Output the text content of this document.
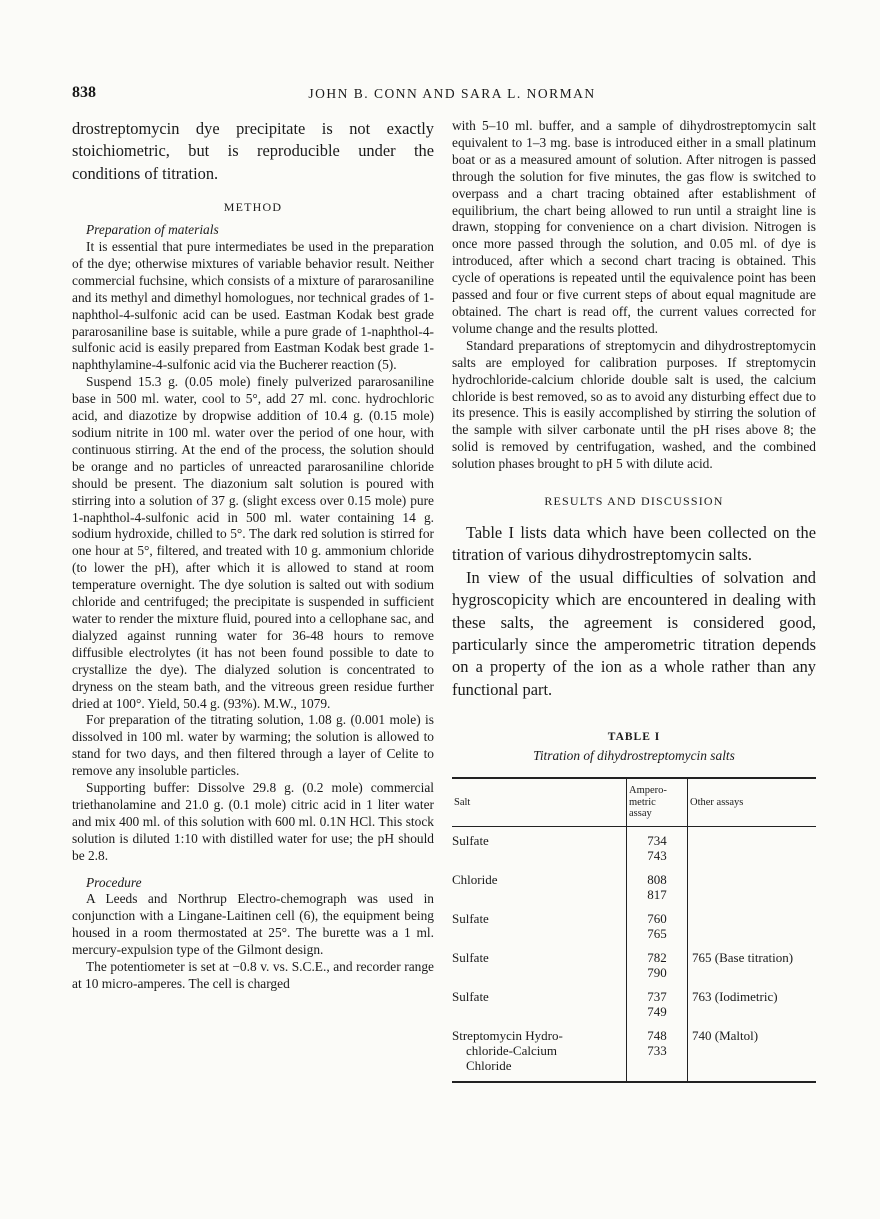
838	JOHN B. CONN AND SARA L. NORMAN

drostreptomycin dye precipitate is not exactly stoichiometric, but is reproducible under the conditions of titration.

METHOD

Preparation of materials

It is essential that pure intermediates be used in the preparation of the dye; otherwise mixtures of variable behavior result. Neither commercial fuchsine, which consists of a mixture of pararosaniline and its methyl and dimethyl homologues, nor technical grades of 1-naphthol-4-sulfonic acid can be used. Eastman Kodak best grade pararosaniline base is suitable, while a pure grade of 1-naphthol-4-sulfonic acid is easily prepared from Eastman Kodak best grade 1-naphthylamine-4-sulfonic acid via the Bucherer reaction (5).

Suspend 15.3 g. (0.05 mole) finely pulverized pararosaniline base in 500 ml. water, cool to 5°, add 27 ml. conc. hydrochloric acid, and diazotize by dropwise addition of 10.4 g. (0.15 mole) sodium nitrite in 100 ml. water over the period of one hour, with continuous stirring. At the end of the process, the solution should be orange and no particles of unreacted pararosaniline chloride should be present. The diazonium salt solution is poured with stirring into a solution of 37 g. (slight excess over 0.15 mole) pure 1-naphthol-4-sulfonic acid in 500 ml. water containing 14 g. sodium hydroxide, chilled to 5°. The dark red solution is stirred for one hour at 5°, filtered, and treated with 10 g. ammonium chloride (to lower the pH), after which it is allowed to stand at room temperature overnight. The dye solution is salted out with sodium chloride and centrifuged; the precipitate is suspended in sufficient water to render the mixture fluid, poured into a cellophane sac, and dialyzed against running water for 36-48 hours to remove diffusible electrolytes (it has not been found possible to date to crystallize the dye). The dialyzed solution is concentrated to dryness on the steam bath, and the vitreous green residue further dried at 100°. Yield, 50.4 g. (93%). M.W., 1079.

For preparation of the titrating solution, 1.08 g. (0.001 mole) is dissolved in 100 ml. water by warming; the solution is allowed to stand for two days, and then filtered through a layer of Celite to remove any insoluble particles.

Supporting buffer: Dissolve 29.8 g. (0.2 mole) commercial triethanolamine and 21.0 g. (0.1 mole) citric acid in 1 liter water and mix 400 ml. of this solution with 600 ml. 0.1N HCl. This stock solution is diluted 1:10 with distilled water for use; the pH should be 2.8.

Procedure

A Leeds and Northrup Electro-chemograph was used in conjunction with a Lingane-Laitinen cell (6), the equipment being housed in a room thermostated at 25°. The burette was a 1 ml. mercury-expulsion type of the Gilmont design.

The potentiometer is set at −0.8 v. vs. S.C.E., and recorder range at 10 micro-amperes. The cell is charged

with 5–10 ml. buffer, and a sample of dihydrostreptomycin salt equivalent to 1–3 mg. base is introduced either in a small platinum boat or as a measured amount of solution. After nitrogen is passed through the solution for five minutes, the gas flow is switched to overpass and a chart tracing obtained after establishment of equilibrium, the chart being allowed to run until a straight line is drawn, stopping for convenience on a chart division. Nitrogen is once more passed through the solution, and 0.05 ml. of dye is introduced, after which a second chart tracing is obtained. This cycle of operations is repeated until the equivalence point has been passed and four or five current steps of about equal magnitude are obtained. The chart is read off, the current values corrected for volume change and the results plotted.

Standard preparations of streptomycin and dihydrostreptomycin salts are employed for calibration purposes. If streptomycin hydrochloride-calcium chloride double salt is used, the calcium chloride is best removed, so as to avoid any disturbing effect due to its presence. This is easily accomplished by stirring the solution of the sample with silver carbonate until the pH rises above 8; the solid is removed by centrifugation, washed, and the combined solution phases brought to pH 5 with dilute acid.

RESULTS AND DISCUSSION

Table I lists data which have been collected on the titration of various dihydrostreptomycin salts.

In view of the usual difficulties of solvation and hygroscopicity which are encountered in dealing with these salts, the agreement is considered good, particularly since the amperometric titration depends on a property of the ion as a whole rather than any functional part.

TABLE I
Titration of dihydrostreptomycin salts
Salt	Ampero-
metric
assay	Other assays
Sulfate	734
743	

Chloride	808
817	

Sulfate	760
765	

Sulfate	782
790	765 (Base titration)
Sulfate	737
749	763 (Iodimetric)

Streptomycin Hydro-
chloride-Calcium
Chloride	748
733	740 (Maltol)
